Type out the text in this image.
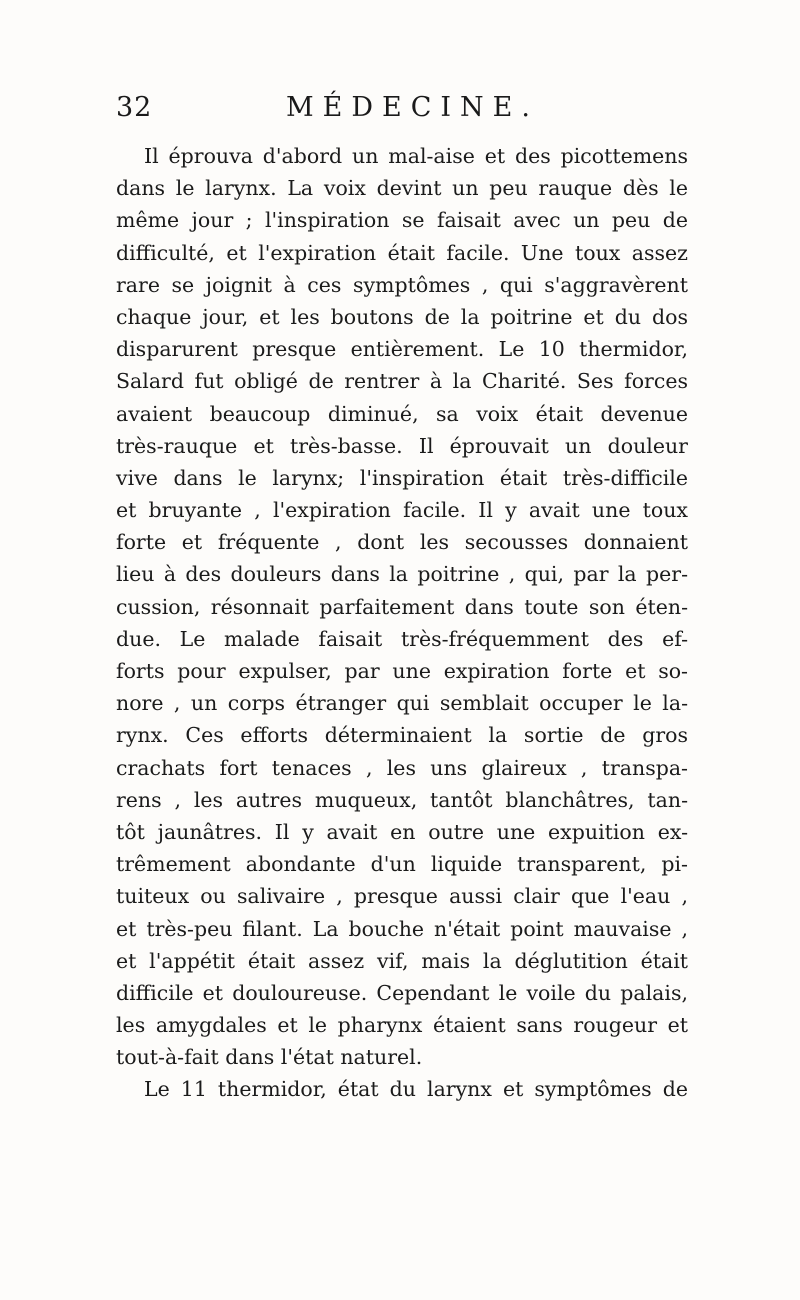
32	MÉDECINE.
Il éprouva d'abord un mal-aise et des picottemens
dans le larynx. La voix devint un peu rauque dès le
même jour ; l'inspiration se faisait avec un peu de
difficulté, et l'expiration était facile. Une toux assez
rare se joignit à ces symptômes , qui s'aggravèrent
chaque jour, et les boutons de la poitrine et du dos
disparurent presque entièrement. Le 10 thermidor,
Salard fut obligé de rentrer à la Charité. Ses forces
avaient beaucoup diminué, sa voix était devenue
très-rauque et très-basse. Il éprouvait un douleur
vive dans le larynx; l'inspiration était très-difficile
et bruyante , l'expiration facile. Il y avait une toux
forte et fréquente , dont les secousses donnaient
lieu à des douleurs dans la poitrine , qui, par la per-
cussion, résonnait parfaitement dans toute son éten-
due. Le malade faisait très-fréquemment des ef-
forts pour expulser, par une expiration forte et so-
nore , un corps étranger qui semblait occuper le la-
rynx. Ces efforts déterminaient la sortie de gros
crachats fort tenaces , les uns glaireux , transpa-
rens , les autres muqueux, tantôt blanchâtres, tan-
tôt jaunâtres. Il y avait en outre une expuition ex-
trêmement abondante d'un liquide transparent, pi-
tuiteux ou salivaire , presque aussi clair que l'eau ,
et très-peu filant. La bouche n'était point mauvaise ,
et l'appétit était assez vif, mais la déglutition était
difficile et douloureuse. Cependant le voile du palais,
les amygdales et le pharynx étaient sans rougeur et
tout-à-fait dans l'état naturel.
Le 11 thermidor, état du larynx et symptômes de
